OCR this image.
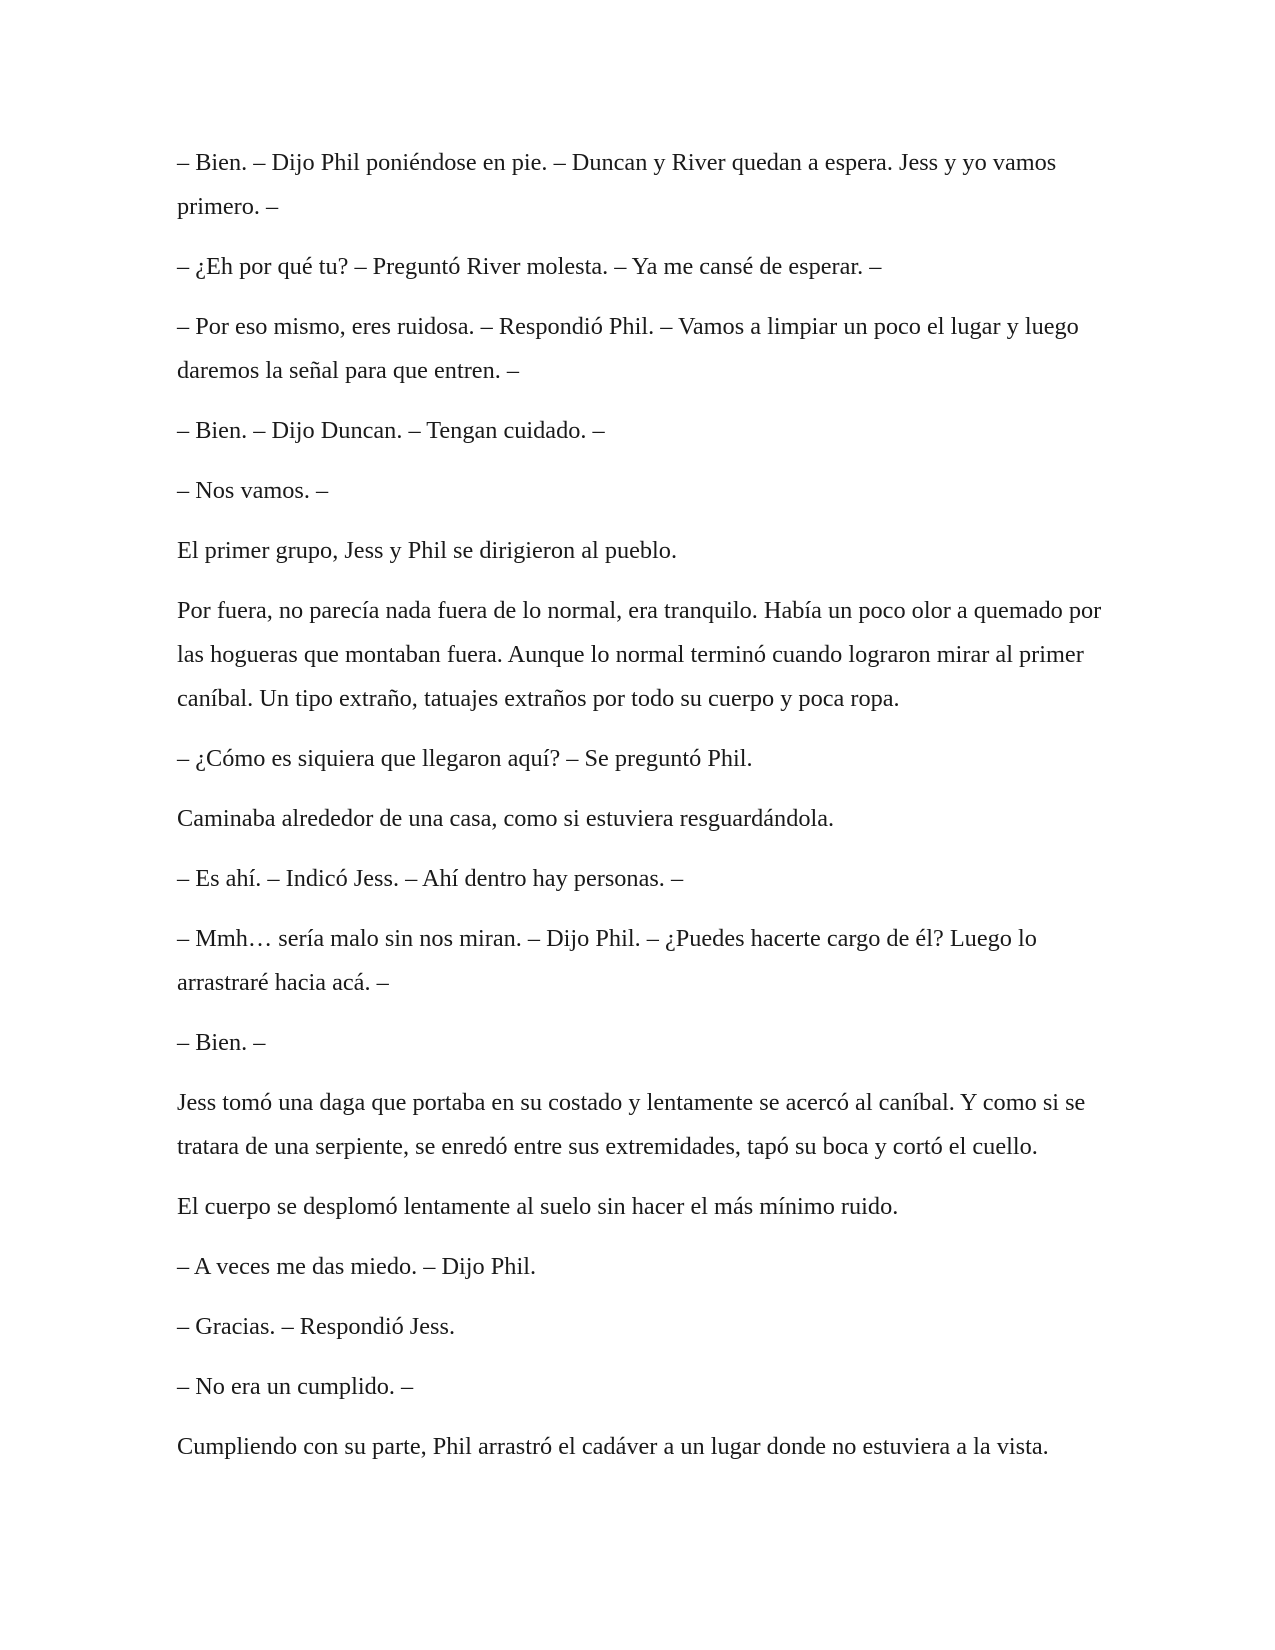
– Bien. – Dijo Phil poniéndose en pie. – Duncan y River quedan a espera. Jess y yo vamos primero. –

– ¿Eh por qué tu? – Preguntó River molesta. – Ya me cansé de esperar. –

– Por eso mismo, eres ruidosa. – Respondió Phil. – Vamos a limpiar un poco el lugar y luego daremos la señal para que entren. –

– Bien. – Dijo Duncan. – Tengan cuidado. –

– Nos vamos. –

El primer grupo, Jess y Phil se dirigieron al pueblo.

Por fuera, no parecía nada fuera de lo normal, era tranquilo. Había un poco olor a quemado por las hogueras que montaban fuera. Aunque lo normal terminó cuando lograron mirar al primer caníbal. Un tipo extraño, tatuajes extraños por todo su cuerpo y poca ropa.

– ¿Cómo es siquiera que llegaron aquí? – Se preguntó Phil.

Caminaba alrededor de una casa, como si estuviera resguardándola.

– Es ahí. – Indicó Jess. – Ahí dentro hay personas. –

– Mmh… sería malo sin nos miran. – Dijo Phil. – ¿Puedes hacerte cargo de él? Luego lo arrastraré hacia acá. –

– Bien. –

Jess tomó una daga que portaba en su costado y lentamente se acercó al caníbal. Y como si se tratara de una serpiente, se enredó entre sus extremidades, tapó su boca y cortó el cuello.

El cuerpo se desplomó lentamente al suelo sin hacer el más mínimo ruido.

– A veces me das miedo. – Dijo Phil.

– Gracias. – Respondió Jess.

– No era un cumplido. –

Cumpliendo con su parte, Phil arrastró el cadáver a un lugar donde no estuviera a la vista.
